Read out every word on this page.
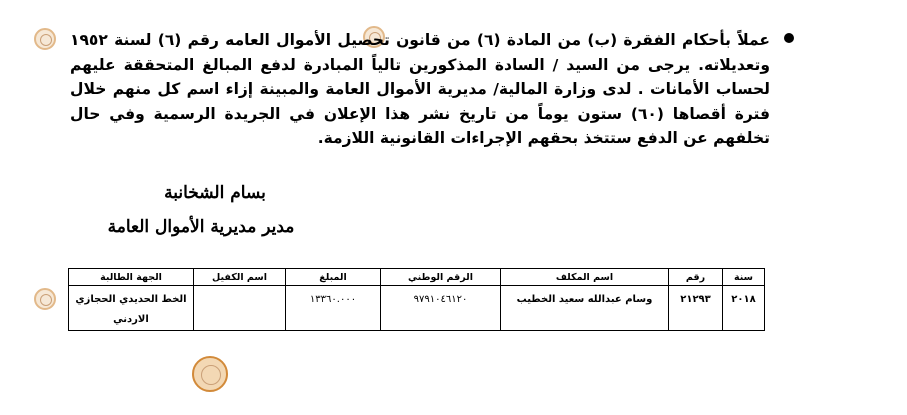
عملاً بأحكام الفقرة (ب) من المادة (٦) من قانون تحصيل الأموال العامه رقم (٦) لسنة ١٩٥٢ وتعديلاته. يرجى من السيد / السادة المذكورين تالياً المبادرة لدفع المبالغ المتحققة عليهم لحساب الأمانات . لدى وزارة المالية/ مديرية الأموال العامة والمبينة إزاء اسم كل منهم خلال فترة أقصاها (٦٠) ستون يوماً من تاريخ نشر هذا الإعلان في الجريدة الرسمية وفي حال تخلفهم عن الدفع ستتخذ بحقهم الإجراءات القانونية اللازمة.
بسام الشخانبة
مدير مديرية الأموال العامة
سنة	رقم	اسم المكلف	الرقم الوطني	المبلغ	اسم الكفيل	الجهة الطالبة
٢٠١٨	٢١٢٩٣	وسام عبدالله سعيد الخطيب	٩٧٩١٠٤٦١٢٠	١٣٣٦٠.٠٠٠		الخط الحديدي الحجازي الاردني
